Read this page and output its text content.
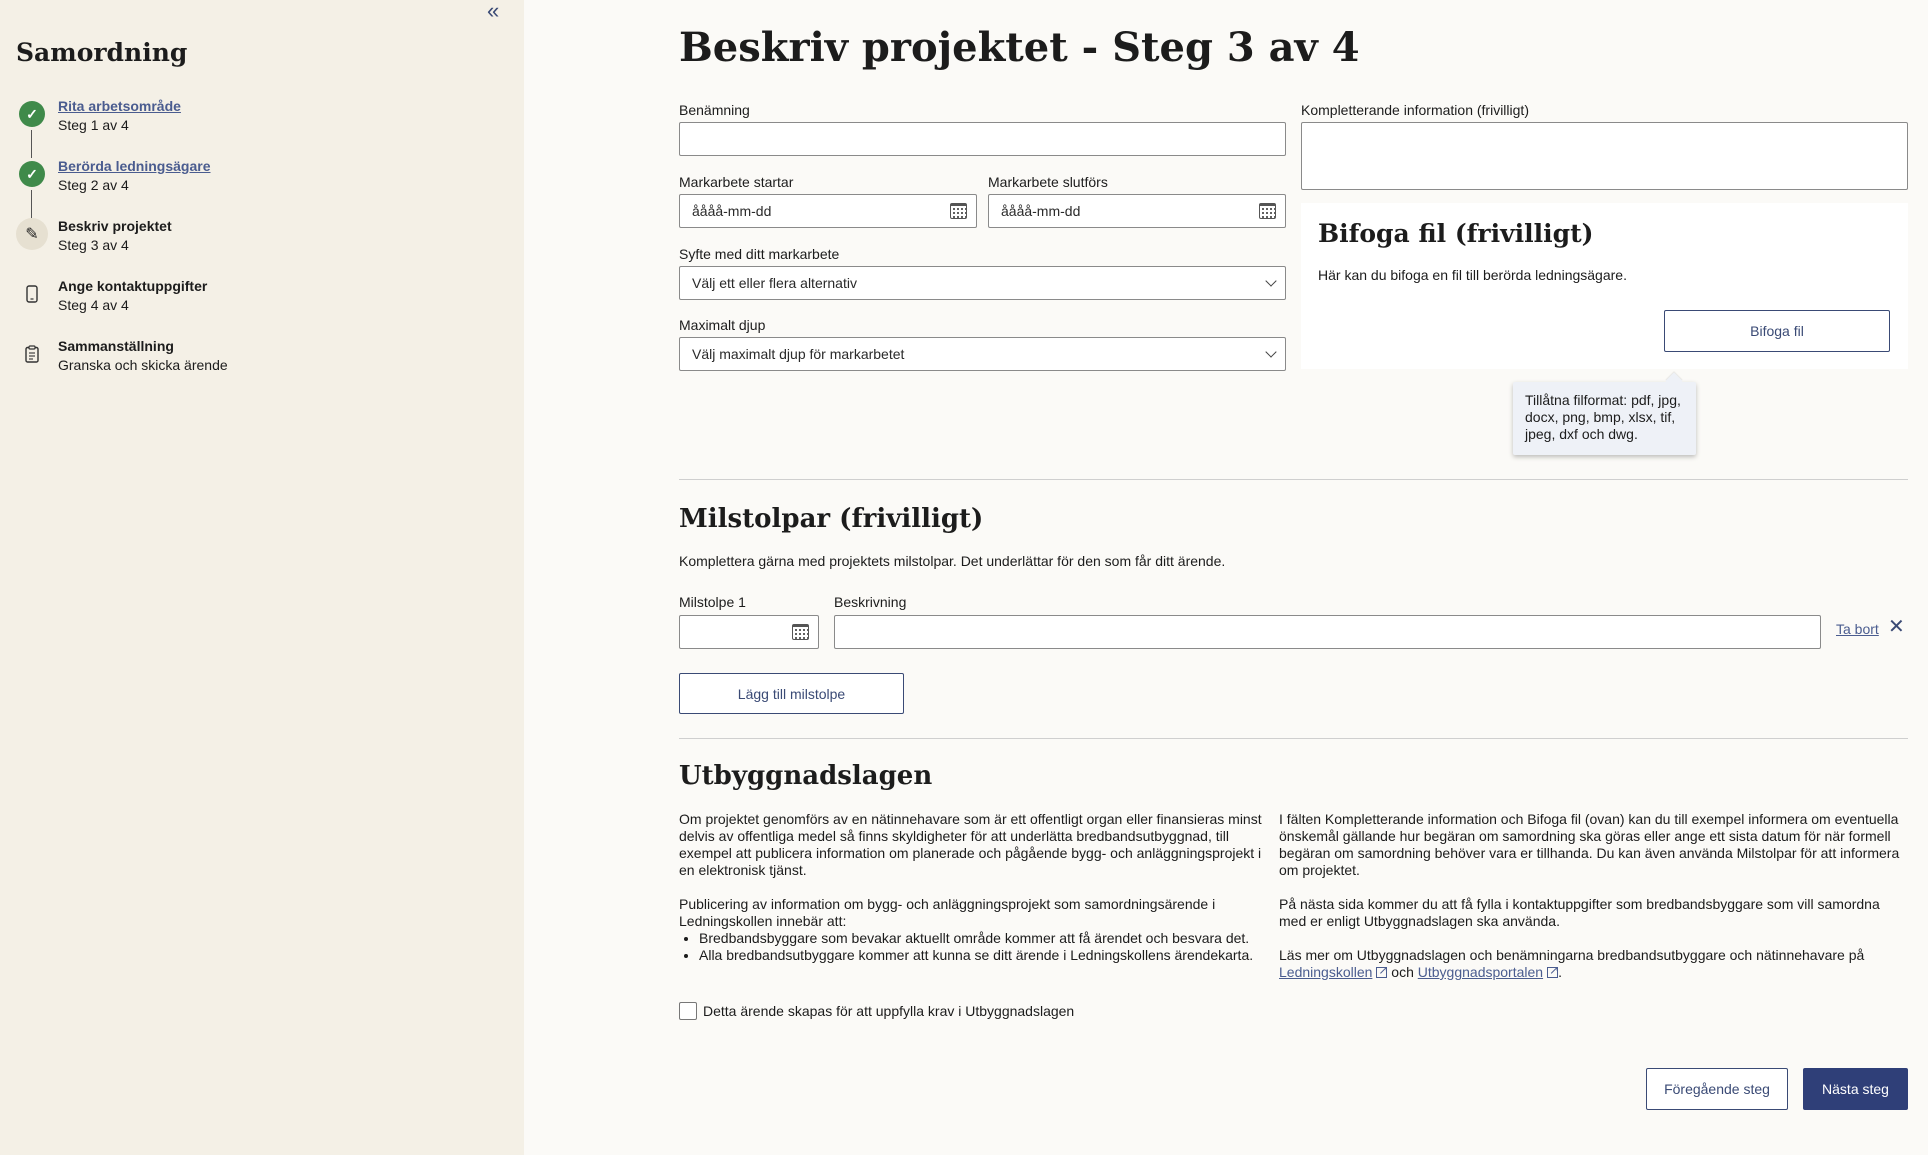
«
Samordning
✓	Rita arbetsområde
Steg 1 av 4
✓	Berörda ledningsägare
Steg 2 av 4
✎	Beskriv projektet
Steg 3 av 4
Ange kontaktuppgifter
Steg 4 av 4
Sammanställning
Granska och skicka ärende
Beskriv projektet - Steg 3 av 4
Benämning	Kompletterande information (frivilligt)
Markarbete startar
åååå-mm-dd
Markarbete slutförs
åååå-mm-dd
Syfte med ditt markarbete
Välj ett eller flera alternativ
Maximalt djup
Välj maximalt djup för markarbetet
Bifoga fil (frivilligt)
Här kan du bifoga en fil till berörda ledningsägare.
Bifoga fil
Tillåtna filformat: pdf, jpg, docx, png, bmp, xlsx, tif, jpeg, dxf och dwg.
Milstolpar (frivilligt)
Komplettera gärna med projektets milstolpar. Det underlättar för den som får ditt ärende.
Milstolpe 1	Beskrivning
Ta bort ✕
Lägg till milstolpe
Utbyggnadslagen

Om projektet genomförs av en nätinnehavare som är ett offentligt organ eller finansieras minst delvis av offentliga medel så finns skyldigheter för att underlätta bredbandsutbyggnad, till exempel att publicera information om planerade och pågående bygg- och anläggningsprojekt i en elektronisk tjänst.

Publicering av information om bygg- och anläggningsprojekt som samordningsärende i Ledningskollen innebär att:

• Bredbandsbyggare som bevakar aktuellt område kommer att få ärendet och besvara det.
• Alla bredbandsutbyggare kommer att kunna se ditt ärende i Ledningskollens ärendekarta.

I fälten Kompletterande information och Bifoga fil (ovan) kan du till exempel informera om eventuella önskemål gällande hur begäran om samordning ska göras eller ange ett sista datum för när formell begäran om samordning behöver vara er tillhanda. Du kan även använda Milstolpar för att informera om projektet.

På nästa sida kommer du att få fylla i kontaktuppgifter som bredbandsbyggare som vill samordna med er enligt Utbyggnadslagen ska använda.

Läs mer om Utbyggnadslagen och benämningarna bredbandsutbyggare och nätinnehavare på
Ledningskollen ↗ och Utbyggnadsportalen ↗ .

Detta ärende skapas för att uppfylla krav i Utbyggnadslagen
Föregående steg	Nästa steg
